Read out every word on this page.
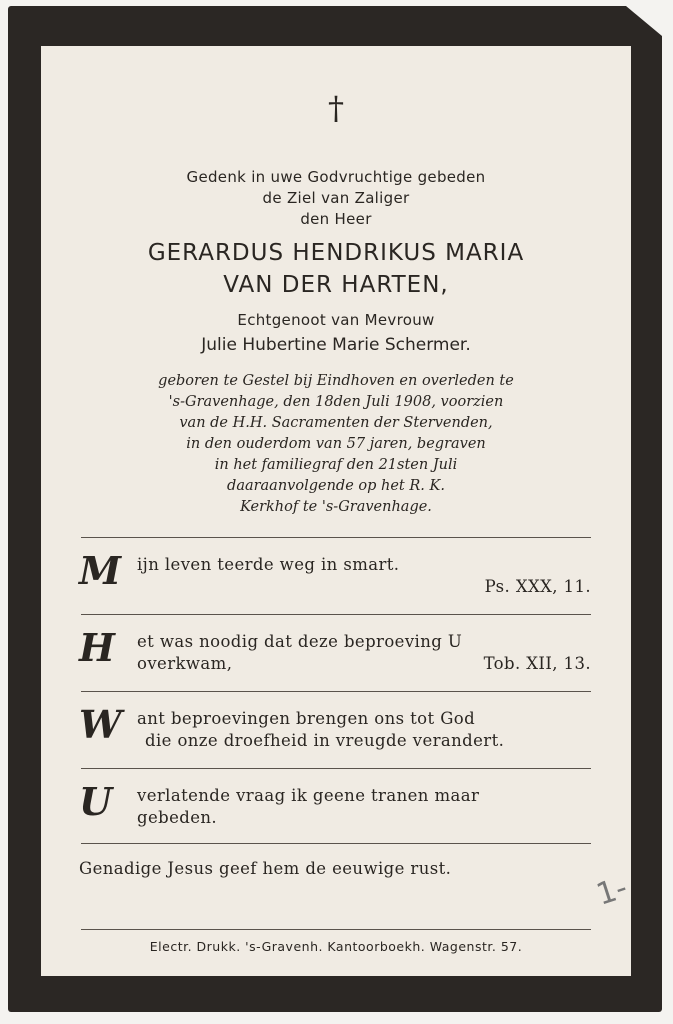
†
Gedenk in uwe Godvruchtige gebeden
de Ziel van Zaliger
den Heer
GERARDUS HENDRIKUS MARIA
VAN DER HARTEN,
Echtgenoot van Mevrouw
Julie Hubertine Marie Schermer.
geboren te Gestel bij Eindhoven en overleden te
's-Gravenhage, den 18den Juli 1908, voorzien
van de H.H. Sacramenten der Stervenden,
in den ouderdom van 57 jaren, begraven
in het familiegraf den 21sten Juli
daaraanvolgende op het R. K.
Kerkhof te 's-Gravenhage.
M ijn leven teerde weg in smart.
Ps. XXX, 11.
H et was noodig dat deze beproeving U
overkwam,	Tob. XII, 13.
W ant beproevingen brengen ons tot God
die onze droefheid in vreugde verandert.
U verlatende vraag ik geene tranen maar
gebeden.
1-
Genadige Jesus geef hem de eeuwige rust.
Electr. Drukk. 's-Gravenh. Kantoorboekh. Wagenstr. 57.
